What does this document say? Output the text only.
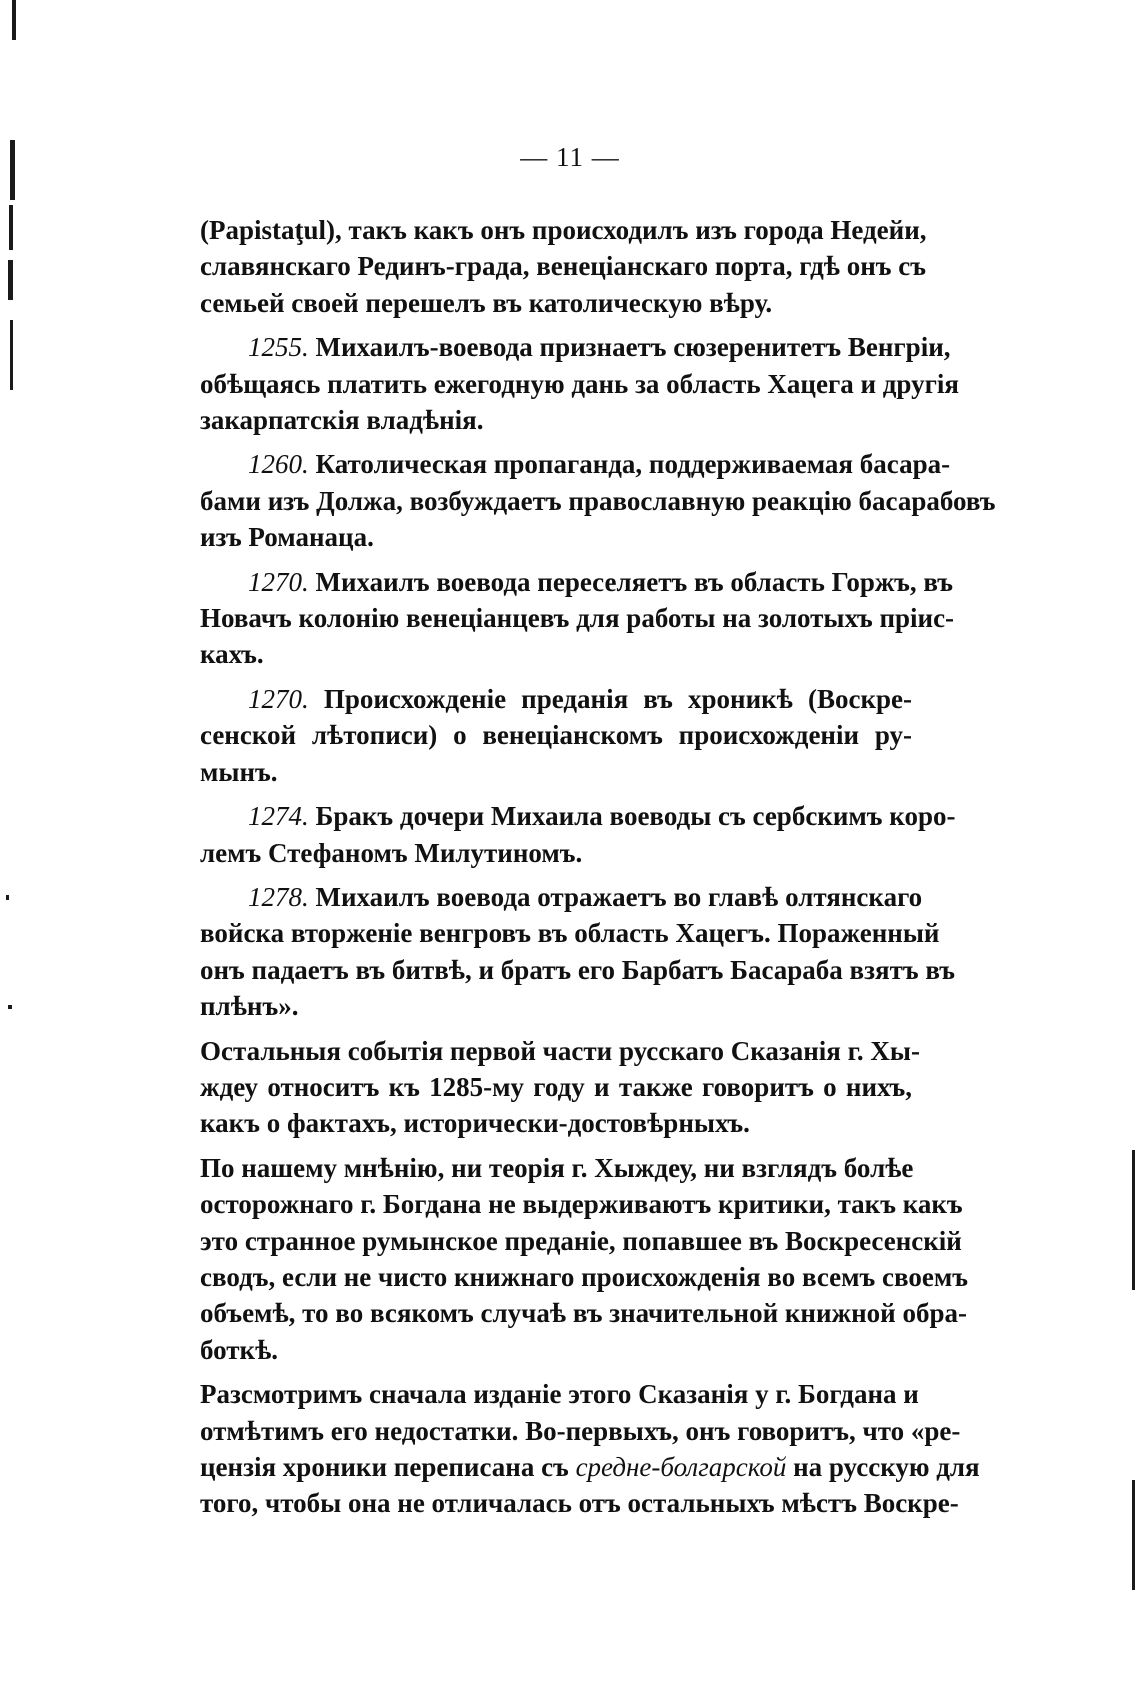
— 11 —

(Papistaţul), такъ какъ онъ происходилъ изъ города Недейи,
славянскаго Рединъ-града, венеціанскаго порта, гдѣ онъ съ
семьей своей перешелъ въ католическую вѣру.

1255. Михаилъ-воевода признаетъ сюзеренитетъ Венгріи,
обѣщаясь платить ежегодную дань за область Хацега и другія
закарпатскія владѣнія.

1260. Католическая пропаганда, поддерживаемая басара-
бами изъ Должа, возбуждаетъ православную реакцію басарабовъ
изъ Романаца.

1270. Михаилъ воевода переселяетъ въ область Горжъ, въ
Новачъ колонію венеціанцевъ для работы на золотыхъ пріис-
кахъ.

1270. Происхожденіе преданія въ хроникѣ (Воскре-
сенской лѣтописи) о венеціанскомъ происхожденіи ру-
мынъ.

1274. Бракъ дочери Михаила воеводы съ сербскимъ коро-
лемъ Стефаномъ Милутиномъ.

1278. Михаилъ воевода отражаетъ во главѣ олтянскаго
войска вторженіе венгровъ въ область Хацегъ. Пораженный
онъ падаетъ въ битвѣ, и братъ его Барбатъ Басараба взятъ въ
плѣнъ».

Остальныя событія первой части русскаго Сказанія г. Хы-
ждеу относитъ къ 1285-му году и также говоритъ о нихъ,
какъ о фактахъ, исторически-достовѣрныхъ.

По нашему мнѣнію, ни теорія г. Хыждеу, ни взглядъ болѣе
осторожнаго г. Богдана не выдерживаютъ критики, такъ какъ
это странное румынское преданіе, попавшее въ Воскресенскій
сводъ, если не чисто книжнаго происхожденія во всемъ своемъ
объемѣ, то во всякомъ случаѣ въ значительной книжной обра-
боткѣ.

Разсмотримъ сначала изданіе этого Сказанія у г. Богдана и
отмѣтимъ его недостатки. Во-первыхъ, онъ говоритъ, что «ре-
цензія хроники переписана съ средне-болгарской на русскую для
того, чтобы она не отличалась отъ остальныхъ мѣстъ Воскре-
